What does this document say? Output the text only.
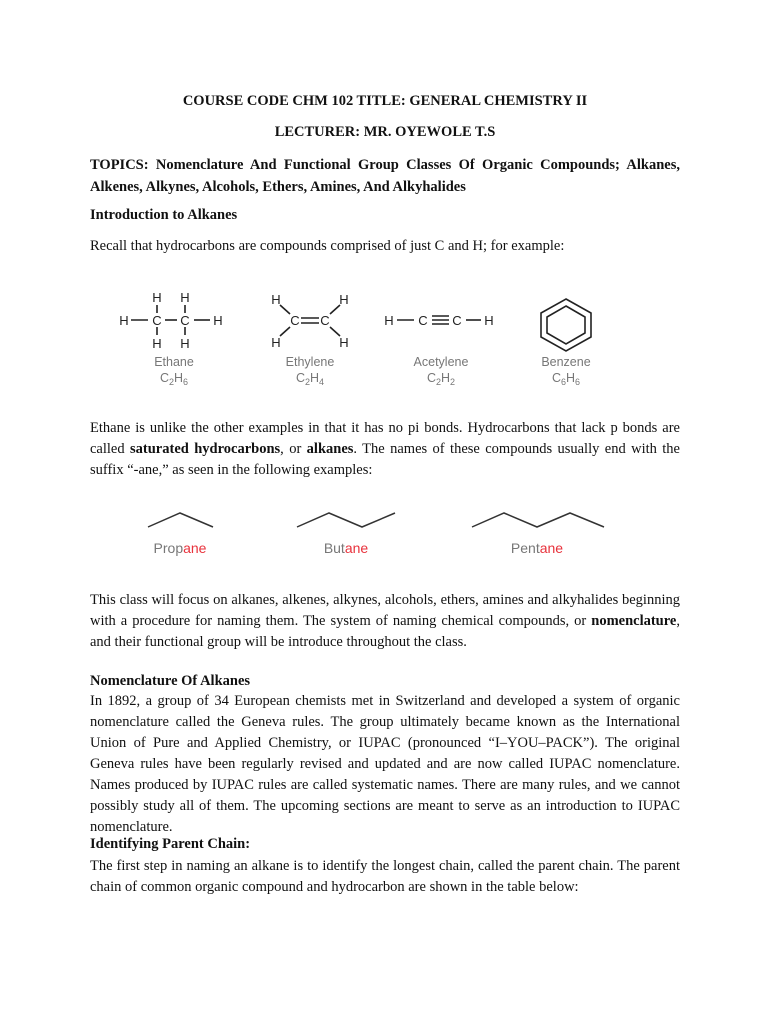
COURSE CODE CHM 102 TITLE: GENERAL CHEMISTRY II
LECTURER: MR. OYEWOLE T.S
TOPICS: Nomenclature And Functional Group Classes Of Organic Compounds; Alkanes, Alkenes, Alkynes, Alcohols, Ethers, Amines, And Alkyhalides
Introduction to Alkanes
Recall that hydrocarbons are compounds comprised of just C and H; for example:
H C C H
H H
H H
H	H
C C
H	H
H C C H
Ethane	Ethylene	Acetylene	Benzene
$C_2H_6$	$C_2H_4$	$C_2H_2$	$C_6H_6$
Ethane is unlike the other examples in that it has no pi bonds. Hydrocarbons that lack p bonds are called saturated hydrocarbons, or alkanes. The names of these compounds usually end with the suffix “-ane,” as seen in the following examples:
Propane	Butane	Pentane
This class will focus on alkanes, alkenes, alkynes, alcohols, ethers, amines and alkyhalides beginning with a procedure for naming them. The system of naming chemical compounds, or nomenclature, and their functional group will be introduce throughout the class.
Nomenclature Of Alkanes
In 1892, a group of 34 European chemists met in Switzerland and developed a system of organic nomenclature called the Geneva rules. The group ultimately became known as the International Union of Pure and Applied Chemistry, or IUPAC (pronounced “I–YOU–PACK”). The original Geneva rules have been regularly revised and updated and are now called IUPAC nomenclature. Names produced by IUPAC rules are called systematic names. There are many rules, and we cannot possibly study all of them. The upcoming sections are meant to serve as an introduction to IUPAC nomenclature.
Identifying Parent Chain:
The first step in naming an alkane is to identify the longest chain, called the parent chain. The parent chain of common organic compound and hydrocarbon are shown in the table below:
